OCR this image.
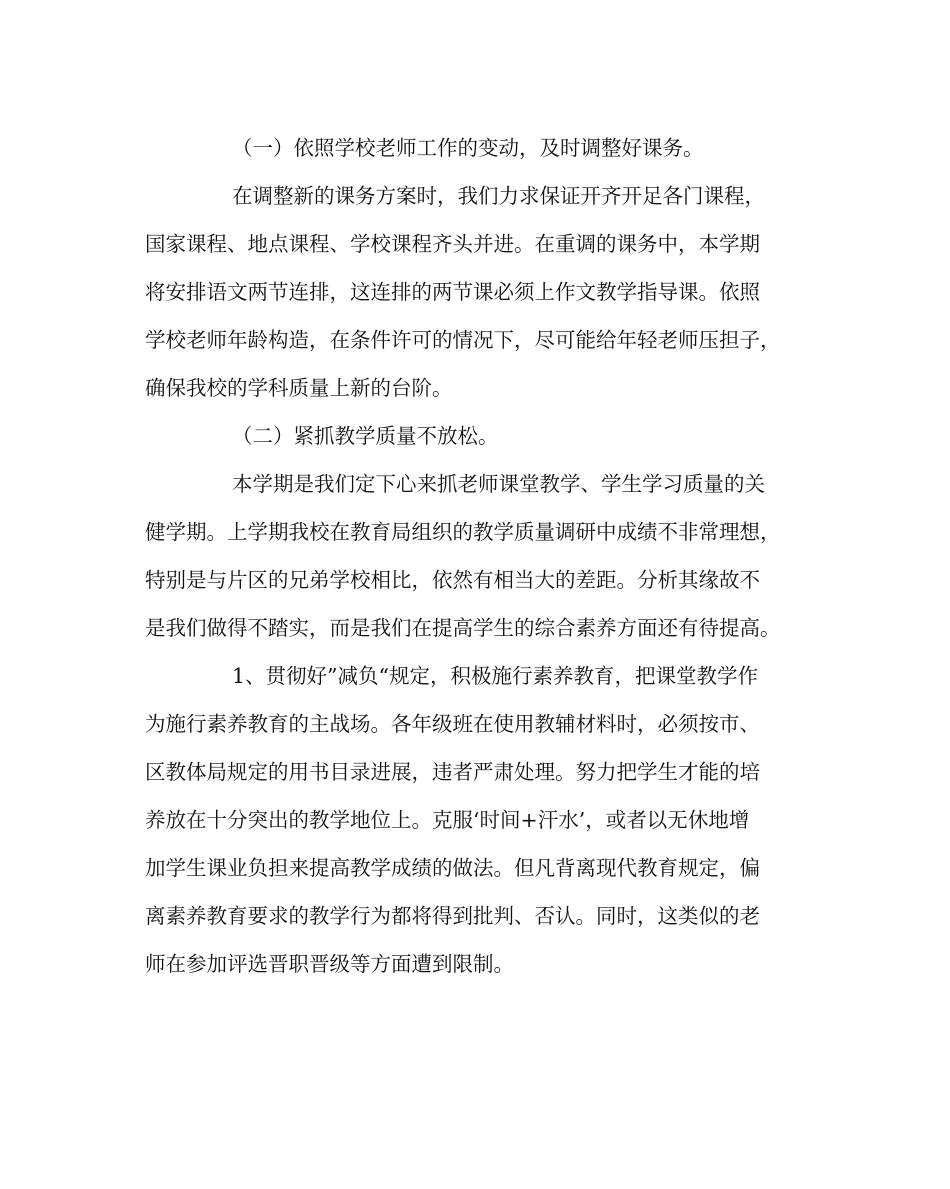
（一）依照学校老师工作的变动，及时调整好课务。
在调整新的课务方案时，我们力求保证开齐开足各门课程，
国家课程、地点课程、学校课程齐头并进。在重调的课务中，本学期
将安排语文两节连排，这连排的两节课必须上作文教学指导课。依照
学校老师年龄构造，在条件许可的情况下，尽可能给年轻老师压担子，
确保我校的学科质量上新的台阶。
（二）紧抓教学质量不放松。
本学期是我们定下心来抓老师课堂教学、学生学习质量的关
健学期。上学期我校在教育局组织的教学质量调研中成绩不非常理想，
特别是与片区的兄弟学校相比，依然有相当大的差距。分析其缘故不
是我们做得不踏实，而是我们在提高学生的综合素养方面还有待提高。
1、贯彻好”减负“规定，积极施行素养教育，把课堂教学作
为施行素养教育的主战场。各年级班在使用教辅材料时，必须按市、
区教体局规定的用书目录进展，违者严肃处理。努力把学生才能的培
养放在十分突出的教学地位上。克服‘时间+汗水’，或者以无休地增
加学生课业负担来提高教学成绩的做法。但凡背离现代教育规定，偏
离素养教育要求的教学行为都将得到批判、否认。同时，这类似的老
师在参加评选晋职晋级等方面遭到限制。
